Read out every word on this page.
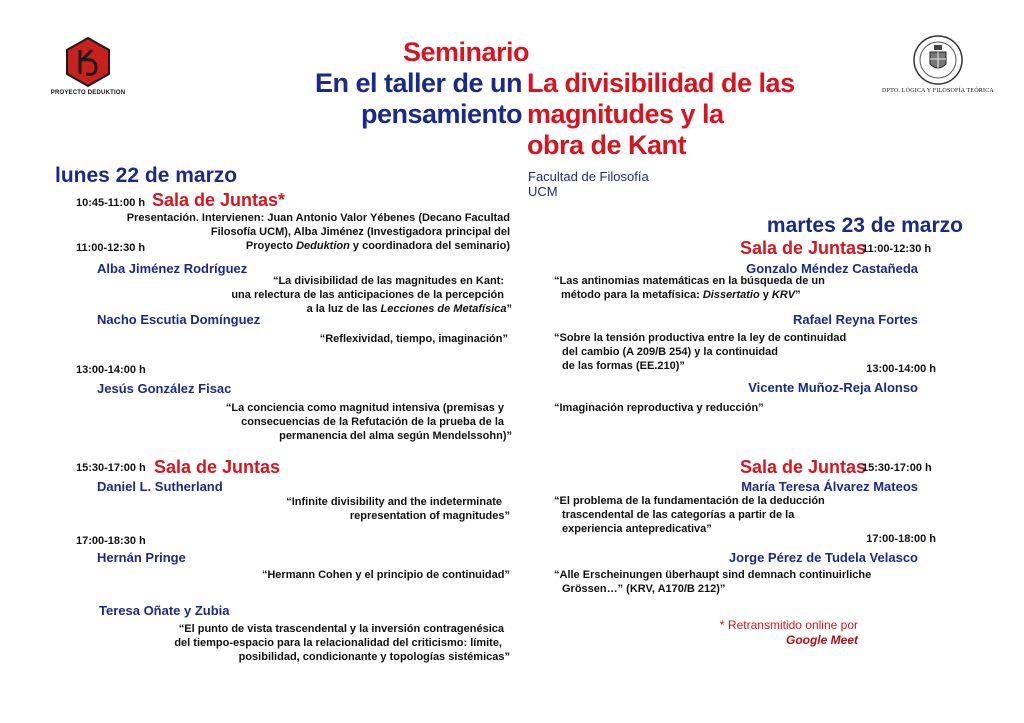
PROYECTO DEDUKTION	DPTO. LÓGICA Y FILOSOFÍA TEÓRICA
Seminario
En el taller de un
pensamiento
La divisibilidad de las
magnitudes y la
obra de Kant
Facultad de Filosofía
UCM
lunes 22 de marzo
10:45-11:00 h Sala de Juntas*
Presentación. Intervienen: Juan Antonio Valor Yébenes (Decano Facultad
Filosofía UCM), Alba Jiménez (Investigadora principal del
Proyecto Deduktion y coordinadora del seminario)
11:00-12:30 h
Alba Jiménez Rodríguez
“La divisibilidad de las magnitudes en Kant:
una relectura de las anticipaciones de la percepción
a la luz de las Lecciones de Metafísica”
Nacho Escutia Domínguez
“Reflexividad, tiempo, imaginación”
13:00-14:00 h
Jesús González Fisac
“La conciencia como magnitud intensiva (premisas y
consecuencias de la Refutación de la prueba de la
permanencia del alma según Mendelssohn)”
15:30-17:00 h Sala de Juntas
Daniel L. Sutherland
“Infinite divisibility and the indeterminate
representation of magnitudes”
17:00-18:30 h
Hernán Pringe
“Hermann Cohen y el principio de continuidad”
Teresa Oñate y Zubia
“El punto de vista trascendental y la inversión contragenésica
del tiempo-espacio para la relacionalidad del criticismo: límite,
posibilidad, condicionante y topologías sistémicas”
martes 23 de marzo
Sala de Juntas
11:00-12:30 h
Gonzalo Méndez Castañeda
“Las antinomias matemáticas en la búsqueda de un
método para la metafísica: Dissertatio y KRV”
Rafael Reyna Fortes
“Sobre la tensión productiva entre la ley de continuidad
del cambio (A 209/B 254) y la continuidad
de las formas (EE.210)”	13:00-14:00 h
Vicente Muñoz-Reja Alonso
“Imaginación reproductiva y reducción”
Sala de Juntas
15:30-17:00 h
María Teresa Álvarez Mateos
“El problema de la fundamentación de la deducción
trascendental de las categorías a partir de la
experiencia antepredicativa”
17:00-18:00 h
Jorge Pérez de Tudela Velasco
“Alle Erscheinungen überhaupt sind demnach continuirliche
Grössen…” (KRV, A170/B 212)”
* Retransmitido online por
Google Meet
